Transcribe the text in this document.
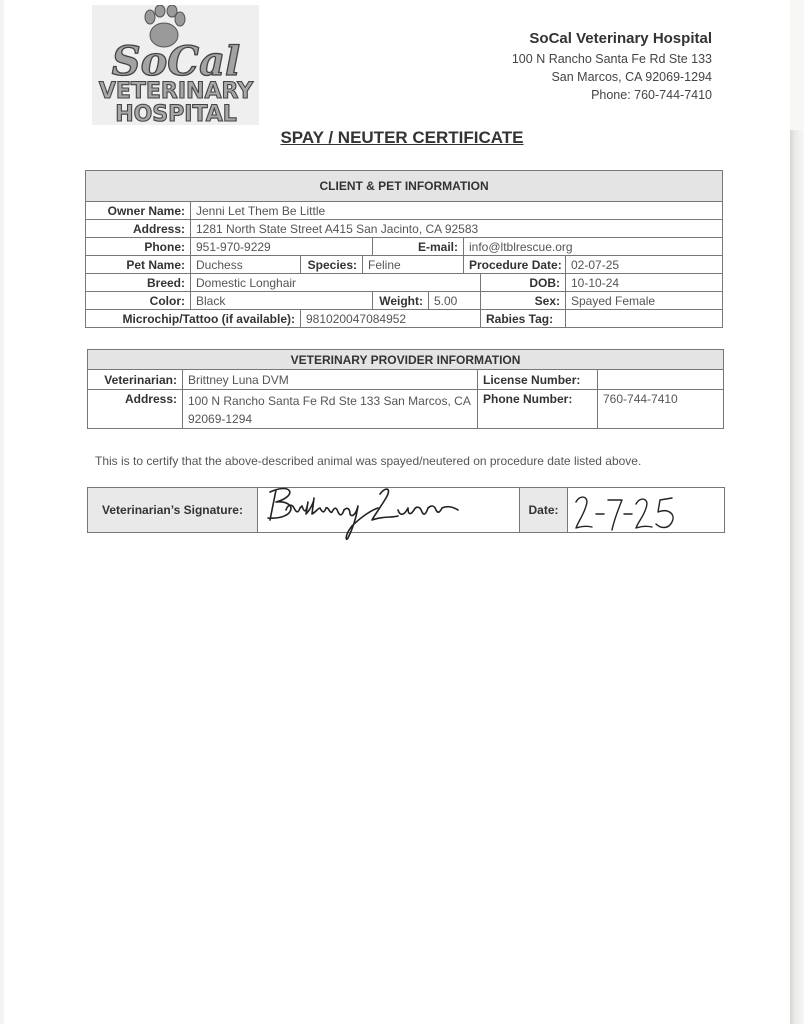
SoCal
VETERINARY
HOSPITAL
SoCal Veterinary Hospital
100 N Rancho Santa Fe Rd Ste 133
San Marcos, CA 92069-1294
Phone: 760-744-7410
SPAY / NEUTER CERTIFICATE
CLIENT & PET INFORMATION								
Owner Name:	Jenni Let Them Be Little							
Address:	1281 North State Street A415 San Jacinto, CA 92583							
Phone:	951-970-9229			E-mail:		info@ltblrescue.org		
Pet Name:	Duchess	Species:	Feline			Procedure Date:		02-07-25
Breed:	Domestic Longhair						DOB:	10-10-24
Color:	Black			Weight:	5.00		Sex:	Spayed Female
Microchip/Tattoo (if available):		981020047084952					Rabies Tag:	
VETERINARY PROVIDER INFORMATION			
Veterinarian:	Brittney Luna DVM	License Number:	
Address:	100 N Rancho Santa Fe Rd Ste 133 San Marcos, CA 92069-1294	Phone Number:	760-744-7410
This is to certify that the above-described animal was spayed/neutered on procedure date listed above.
Veterinarian’s Signature:		Date:	
